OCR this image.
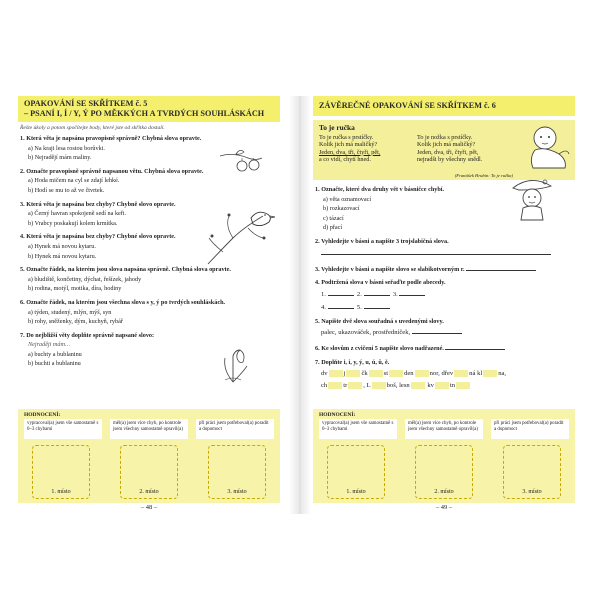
OPAKOVÁNÍ SE SKŘÍTKEM č. 5
– PSANÍ I, Í / Y, Ý PO MĚKKÝCH A TVRDÝCH SOUHLÁSKÁCH
Řešte úkoly a potom spočítejte body, které jste od skřítka dostali.
1. Která věta je napsána pravopisně správně? Chybná slova opravte.
a) Na kraji lesa rostou borůvki.
b) Nejradějí mám maliny.
2. Označte pravopisně správně napsanou větu. Chybná slova opravte.
a) Hoda mičem na cyl se zdají lehké.
b) Hodí se mu to až ve čtvrtek.
3. Která věta je napsána bez chyby? Chybně slovo opravte.
a) Černý havran spokojeně sedí na keři.
b) Vrabcy poskakují kolem krmítka.
4. Která věta je napsána bez chyby? Chybné slovo opravte.
a) Hynek má novou kytaru.
b) Hynek má novou kytaru.
5. Označte řádek, na kterém jsou slova napsána správně. Chybná slova opravte.
a) bludiště, končetiny, dýchat, řešízek, jahody
b) rodina, motýl, motika, díra, hodiny
6. Označte řádek, na kterém jsou všechna slova s y, ý po tvrdých souhláskách.
a) týden, studený, mlýn, mýš, syn
b) rohy, sněženky, dým, kuchyň, rybář
7. Do nejbližší věty doplňte správně napsané slovo:
Nejraději mám…
a) buchty a bublaninu
b) buchti a bublaninu
HODNOCENÍ:
vypracoval(a) jsem vše samostatně s 0–3 chybami
měl(a) jsem více chyb, po kontrole jsem všechny samostatně opravil(a)
při práci jsem potřeboval(a) poradit a dopomoct
1. místo	2. místo	3. místo
– 48 –
ZÁVĚREČNÉ OPAKOVÁNÍ SE SKŘÍTKEM č. 6
To je ručka
To je ručka s prstíčky.
Kolik jich má maličký?
Jeden, dva, tři, čtyři, pět,
a co vidí, chytí hned.
To je nožka s prstíčky.
Kolik jich má maličký?
Jeden, dva, tři, čtyři, pět,
nejradši by všechny snědl.
(František Hrubín: To je ručka)
1. Označte, které dva druhy vět v básničce chybí.
a) věta oznamovací
b) rozkazovací
c) tázací
d) přací
2. Vyhledejte v básni a napište 3 trojslabičná slova.
3. Vyhledejte v básni a napište slovo se slabikotvorným r.
4. Podtržená slova v básni seřaďte podle abecedy.
1.	2.	3.
4.	5.
5. Napište dvě slova souřadná s uvedenými slovy.
palec, ukazováček, prostředníček,
6. Ke slovům z cvičení 5 napište slovo nadřazené.
7. Doplňte i, í, y, ý, u, ú, ů, ě.
dv j čk st den nor, dřev ná kl na,
ch tr , L boš, lesn	kv tn
HODNOCENÍ:
vypracoval(a) jsem vše samostatně s 0–3 chybami
měl(a) jsem více chyb, po kontrole jsem všechny samostatně opravil(a)
při práci jsem potřeboval(a) poradit a dopomoct
1. místo	2. místo	3. místo
– 49 –
